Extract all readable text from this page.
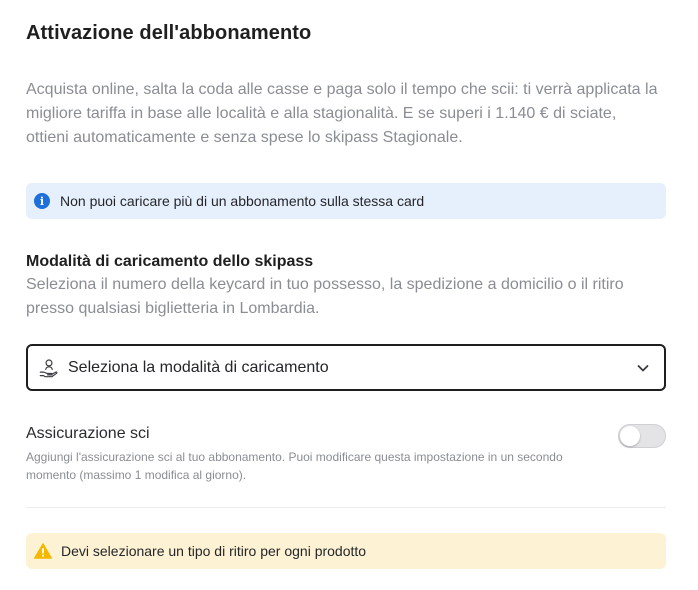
Attivazione dell'abbonamento
Acquista online, salta la coda alle casse e paga solo il tempo che scii: ti verrà applicata la migliore tariffa in base alle località e alla stagionalità. E se superi i 1.140 € di sciate, ottieni automaticamente e senza spese lo skipass Stagionale.
i	Non puoi caricare più di un abbonamento sulla stessa card
Modalità di caricamento dello skipass
Seleziona il numero della keycard in tuo possesso, la spedizione a domicilio o il ritiro presso qualsiasi biglietteria in Lombardia.
Seleziona la modalità di caricamento
Assicurazione sci
Aggiungi l'assicurazione sci al tuo abbonamento. Puoi modificare questa impostazione in un secondo momento (massimo 1 modifica al giorno).
Devi selezionare un tipo di ritiro per ogni prodotto
